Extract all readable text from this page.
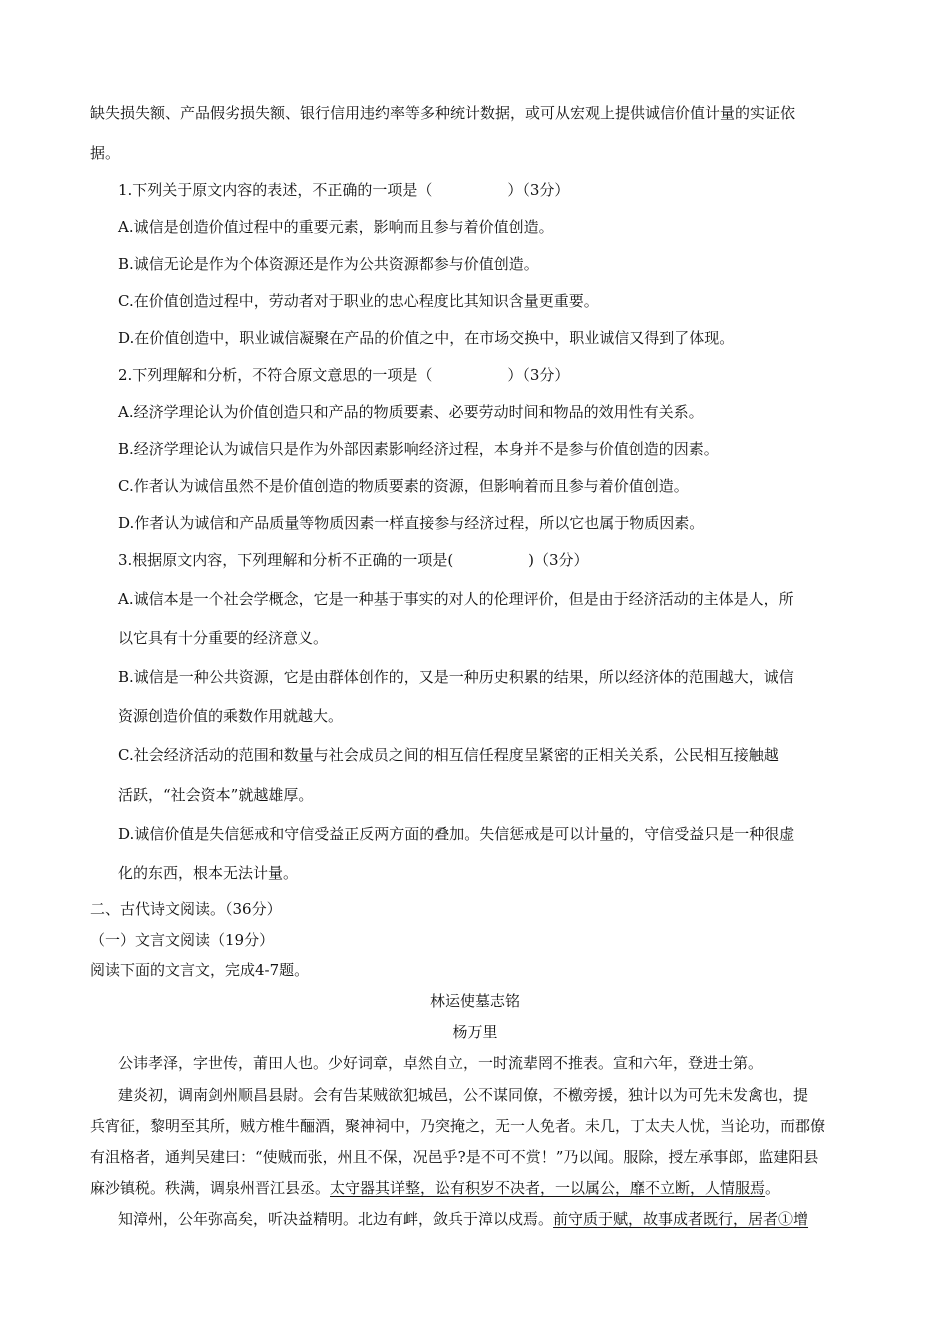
缺失损失额、产品假劣损失额、银行信用违约率等多种统计数据，或可从宏观上提供诚信价值计量的实证依
据。
1.下列关于原文内容的表述，不正确的一项是（　　　　　）（3分）
A.诚信是创造价值过程中的重要元素，影响而且参与着价值创造。
B.诚信无论是作为个体资源还是作为公共资源都参与价值创造。
C.在价值创造过程中，劳动者对于职业的忠心程度比其知识含量更重要。
D.在价值创造中，职业诚信凝聚在产品的价值之中，在市场交换中，职业诚信又得到了体现。
2.下列理解和分析，不符合原文意思的一项是（　　　　　）（3分）
A.经济学理论认为价值创造只和产品的物质要素、必要劳动时间和物品的效用性有关系。
B.经济学理论认为诚信只是作为外部因素影响经济过程，本身并不是参与价值创造的因素。
C.作者认为诚信虽然不是价值创造的物质要素的资源，但影响着而且参与着价值创造。
D.作者认为诚信和产品质量等物质因素一样直接参与经济过程，所以它也属于物质因素。
3.根据原文内容，下列理解和分析不正确的一项是(　　　　　)（3分）
A.诚信本是一个社会学概念，它是一种基于事实的对人的伦理评价，但是由于经济活动的主体是人，所
以它具有十分重要的经济意义。
B.诚信是一种公共资源，它是由群体创作的，又是一种历史积累的结果，所以经济体的范围越大，诚信
资源创造价值的乘数作用就越大。
C.社会经济活动的范围和数量与社会成员之间的相互信任程度呈紧密的正相关关系，公民相互接触越
活跃，“社会资本”就越雄厚。
D.诚信价值是失信惩戒和守信受益正反两方面的叠加。失信惩戒是可以计量的，守信受益只是一种很虚
化的东西，根本无法计量。
二、古代诗文阅读。（36分）
（一）文言文阅读（19分）
阅读下面的文言文，完成4-7题。
林运使墓志铭
杨万里
公讳孝泽，字世传，莆田人也。少好词章，卓然自立，一时流辈罔不推表。宣和六年，登进士第。
建炎初，调南剑州顺昌县尉。会有告某贼欲犯城邑，公不谋同僚，不檄旁援，独计以为可先未发禽也，提
兵宵征，黎明至其所，贼方椎牛酾酒，聚神祠中，乃突掩之，无一人免者。未几，丁太夫人忧，当论功，而郡僚
有沮格者，通判吴建曰：“使贼而张，州且不保，况邑乎?是不可不赏！”乃以闻。服除，授左承事郎，监建阳县
麻沙镇税。秩满，调泉州晋江县丞。太守器其详整，讼有积岁不决者，一以属公，靡不立断，人情服焉。
知漳州，公年弥高矣，听决益精明。北边有衅，敛兵于漳以戍焉。前守质于赋，故事成者既行，居者①增
